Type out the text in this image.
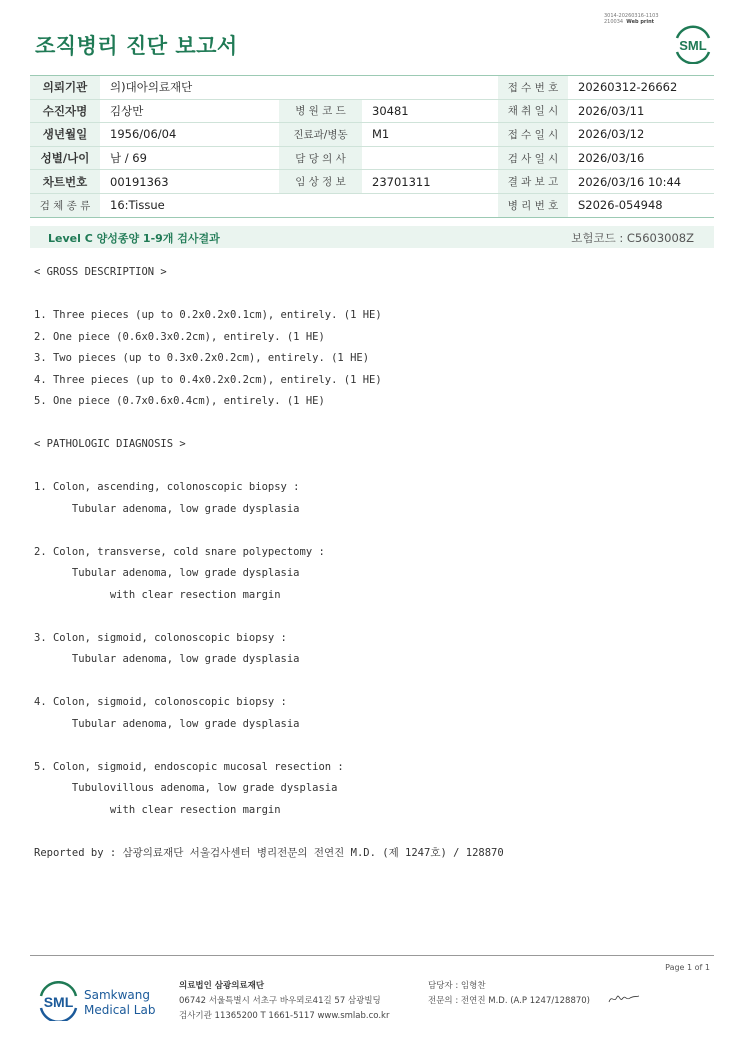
3014-20260316-1103
210034 Web print
조직병리 진단 보고서	SML
의뢰기관	의)대아의료재단			접 수 번 호	20260312-26662
수진자명	김상만	병 원 코 드	30481	채 취 일 시	2026/03/11
생년월일	1956/06/04	진료과/병동	M1	접 수 일 시	2026/03/12
성별/나이	남 / 69	담 당 의 사		검 사 일 시	2026/03/16
차트번호	00191363	임 상 정 보	23701311	결 과 보 고	2026/03/16 10:44
검 체 종 류	16:Tissue			병 리 번 호	S2026-054948
Level C 양성종양 1-9개 검사결과	보험코드 : C5603008Z
< GROSS DESCRIPTION >

1. Three pieces (up to 0.2x0.2x0.1cm), entirely. (1 HE)
2. One piece (0.6x0.3x0.2cm), entirely. (1 HE)
3. Two pieces (up to 0.3x0.2x0.2cm), entirely. (1 HE)
4. Three pieces (up to 0.4x0.2x0.2cm), entirely. (1 HE)
5. One piece (0.7x0.6x0.4cm), entirely. (1 HE)

< PATHOLOGIC DIAGNOSIS >

1. Colon, ascending, colonoscopic biopsy :
Tubular adenoma, low grade dysplasia

2. Colon, transverse, cold snare polypectomy :
Tubular adenoma, low grade dysplasia
with clear resection margin

3. Colon, sigmoid, colonoscopic biopsy :
Tubular adenoma, low grade dysplasia

4. Colon, sigmoid, colonoscopic biopsy :
Tubular adenoma, low grade dysplasia

5. Colon, sigmoid, endoscopic mucosal resection :
Tubulovillous adenoma, low grade dysplasia
with clear resection margin

Reported by : 삼광의료재단 서울검사센터 병리전문의 전연진 M.D. (제 1247호) / 128870
Page 1 of 1
SML Samkwang
Medical Lab
의료법인 삼광의료재단
06742 서울특별시 서초구 바우뫼로41길 57 삼광빌딩
검사기관 11365200 T 1661-5117 www.smlab.co.kr
담당자 : 임형찬
전문의 : 전연진 M.D. (A.P 1247/128870)
